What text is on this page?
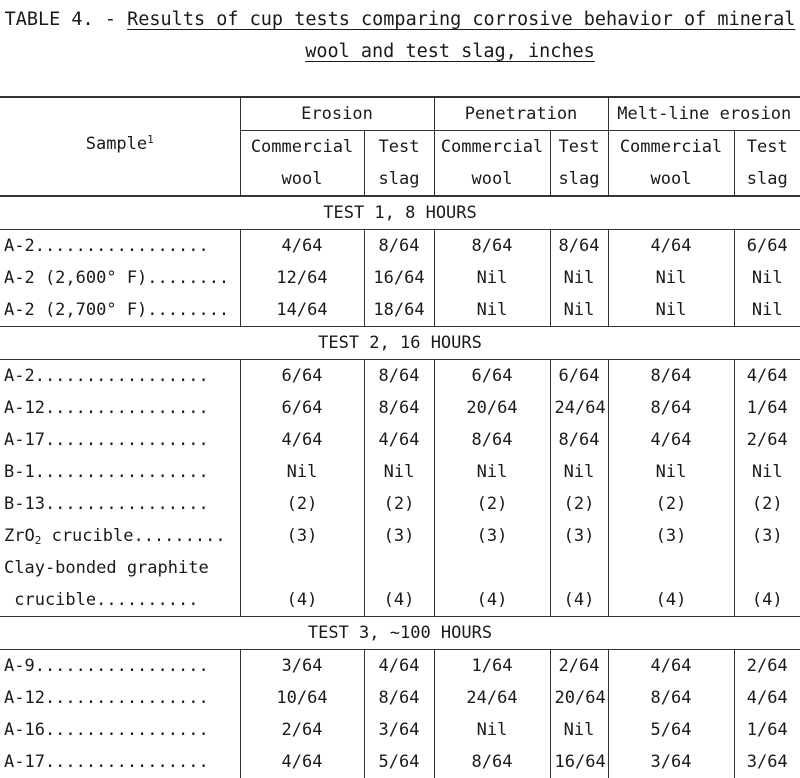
TABLE 4. - Results of cup tests comparing corrosive behavior of mineral
wool and test slag, inches
Sample$^1$	Erosion		Penetration		Melt-line erosion	
	Commercial	Test	Commercial	Test	Commercial	Test
	wool	slag	wool	slag	wool	slag
TEST 1, 8 HOURS						
A-2.................	4/64	8/64	8/64	8/64	4/64	6/64
A-2 (2,600° F)........	12/64	16/64	Nil	Nil	Nil	Nil
A-2 (2,700° F)........	14/64	18/64	Nil	Nil	Nil	Nil
TEST 2, 16 HOURS						
A-2.................	6/64	8/64	6/64	6/64	8/64	4/64
A-12................	6/64	8/64	20/64	24/64	8/64	1/64
A-17................	4/64	4/64	8/64	8/64	4/64	2/64
B-1.................	Nil	Nil	Nil	Nil	Nil	Nil
B-13................	(2)	(2)	(2)	(2)	(2)	(2)
ZrO$_2$ crucible.........	(3)	(3)	(3)	(3)	(3)	(3)
Clay-bonded graphite						
crucible..........	(4)	(4)	(4)	(4)	(4)	(4)
TEST 3, ~100 HOURS						
A-9.................	3/64	4/64	1/64	2/64	4/64	2/64
A-12................	10/64	8/64	24/64	20/64	8/64	4/64
A-16................	2/64	3/64	Nil	Nil	5/64	1/64
A-17................	4/64	5/64	8/64	16/64	3/64	3/64
